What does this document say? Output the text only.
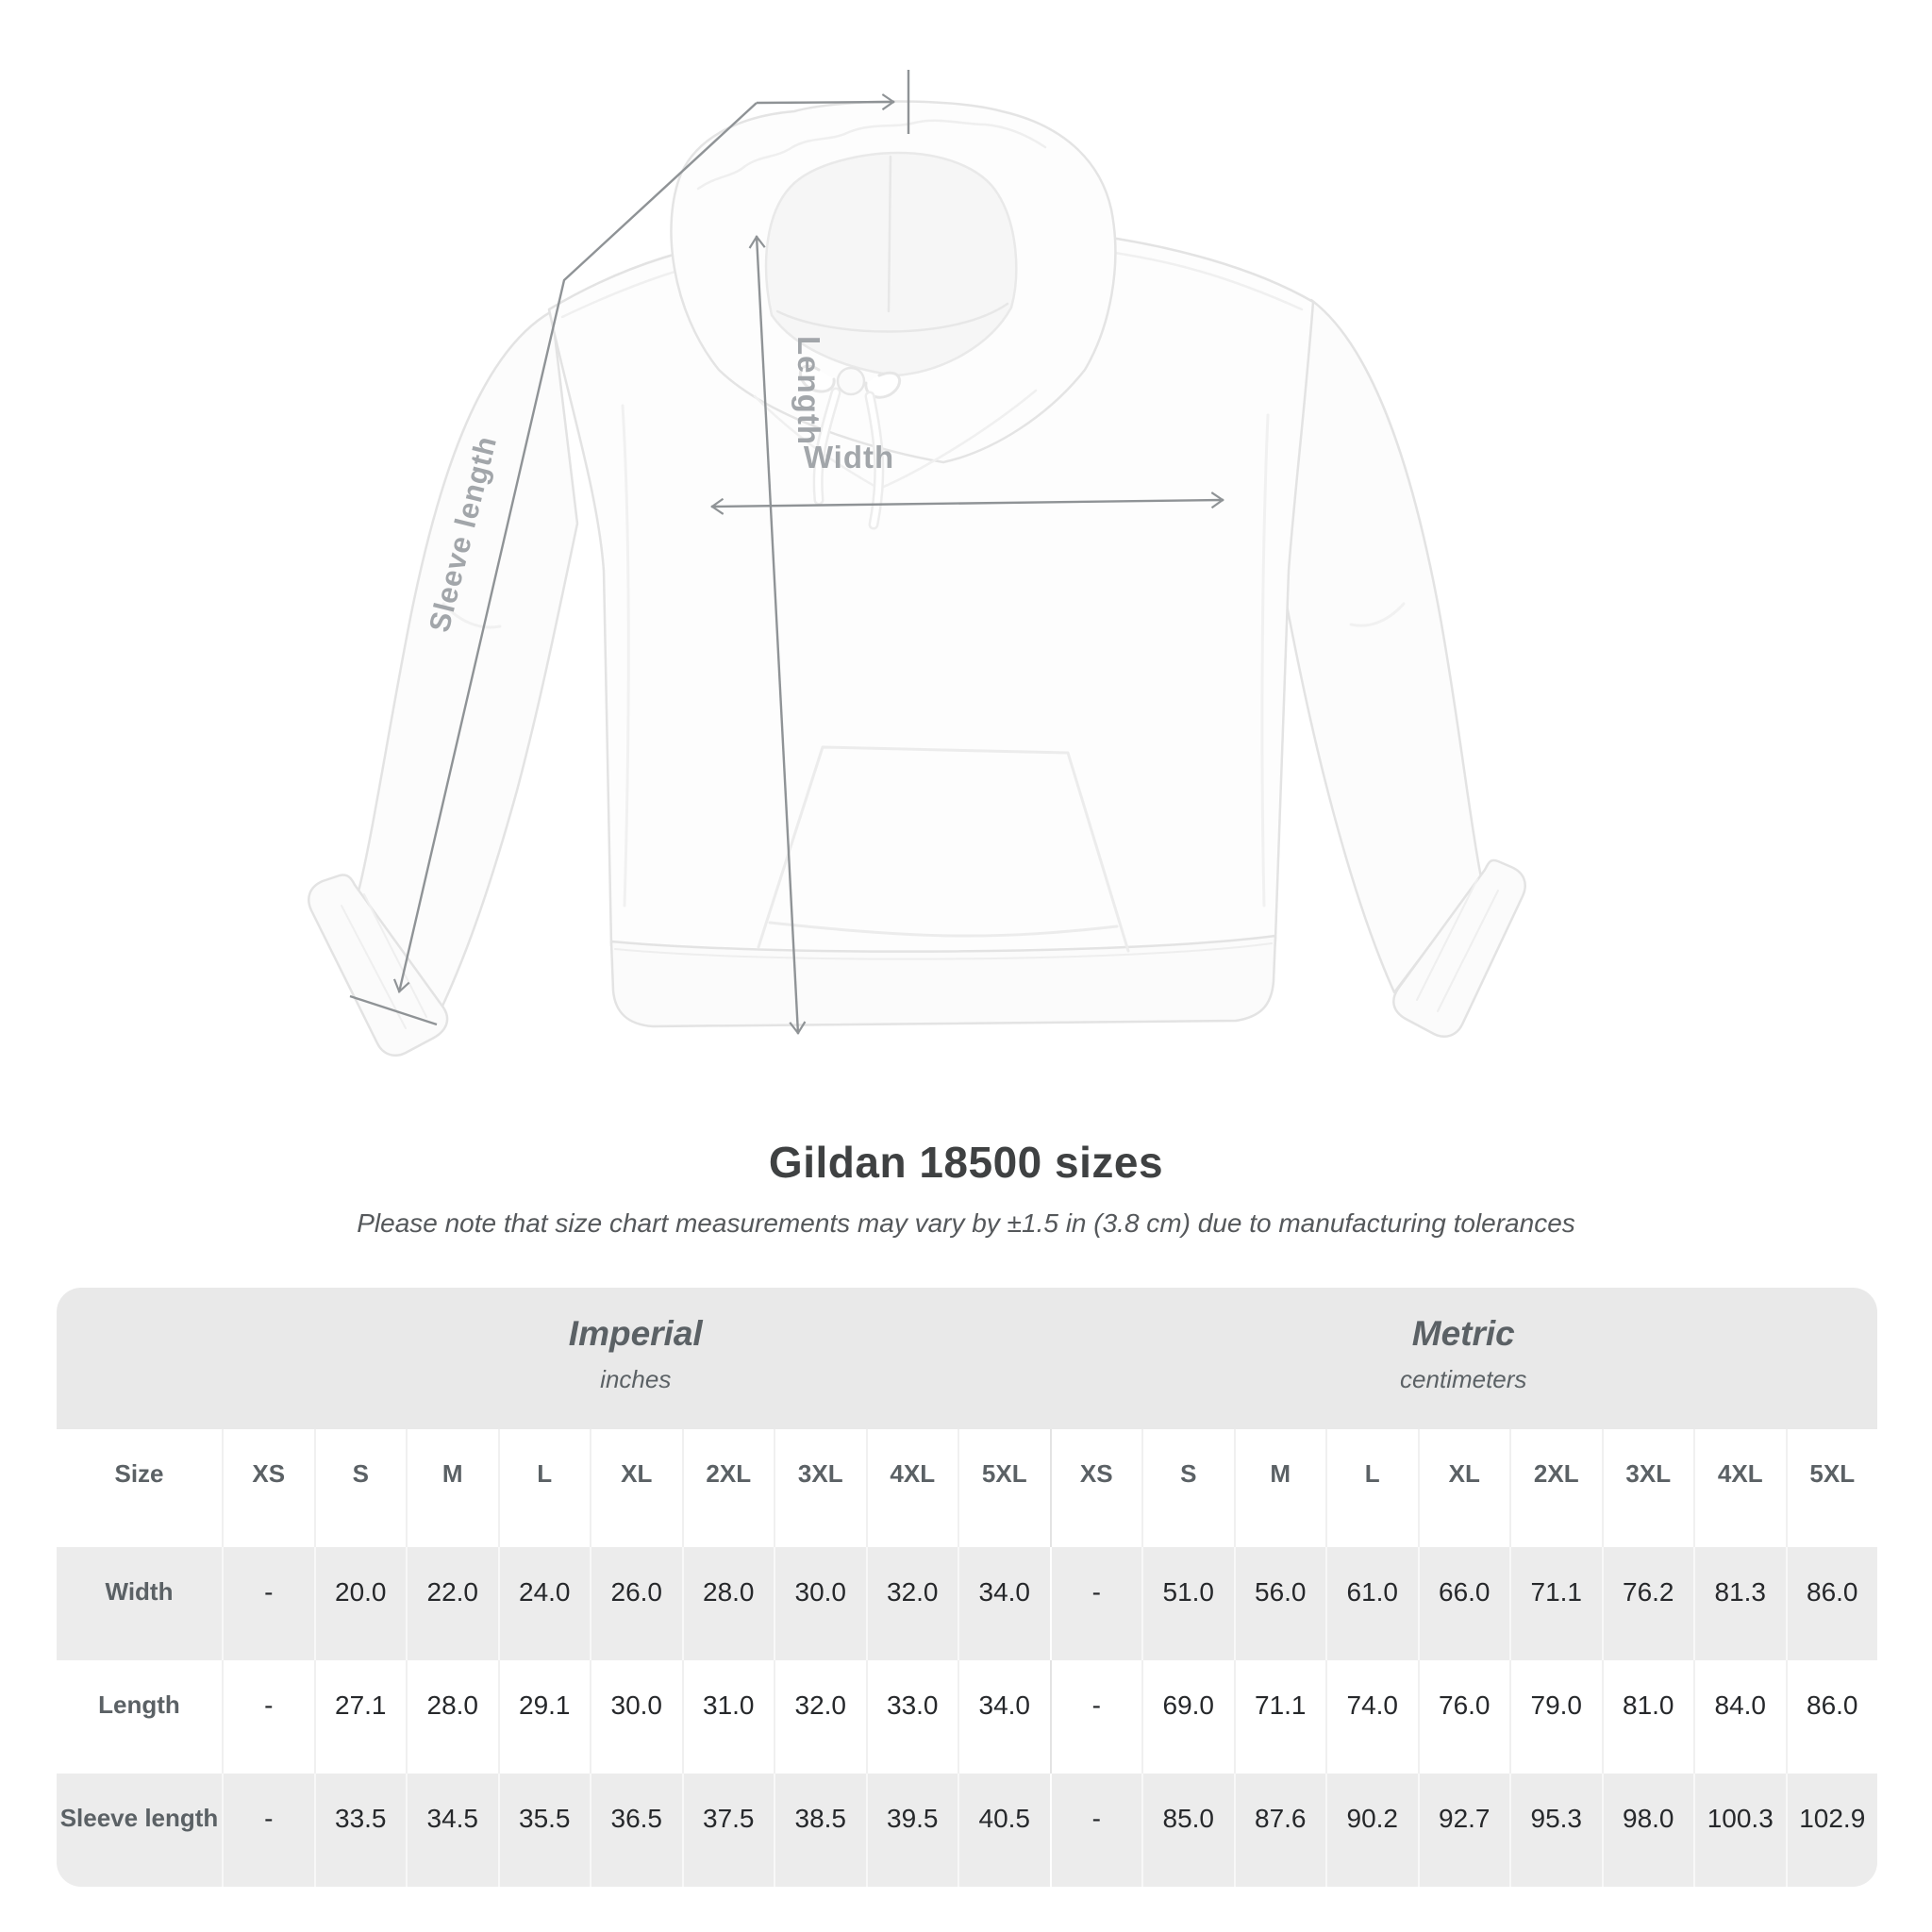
Sleeve length
Length
Width
Gildan 18500 sizes

Please note that size chart measurements may vary by ±1.5 in (3.8 cm) due to manufacturing tolerances

Imperial
inches
Metric
centimeters
Size	XS	S	M	L	XL	2XL	3XL	4XL	5XL	XS	S	M	L	XL	2XL	3XL	4XL	5XL
Width	-	20.0	22.0	24.0	26.0	28.0	30.0	32.0	34.0	-	51.0	56.0	61.0	66.0	71.1	76.2	81.3	86.0
Length	-	27.1	28.0	29.1	30.0	31.0	32.0	33.0	34.0	-	69.0	71.1	74.0	76.0	79.0	81.0	84.0	86.0
Sleeve length	-	33.5	34.5	35.5	36.5	37.5	38.5	39.5	40.5	-	85.0	87.6	90.2	92.7	95.3	98.0	100.3 102.9
